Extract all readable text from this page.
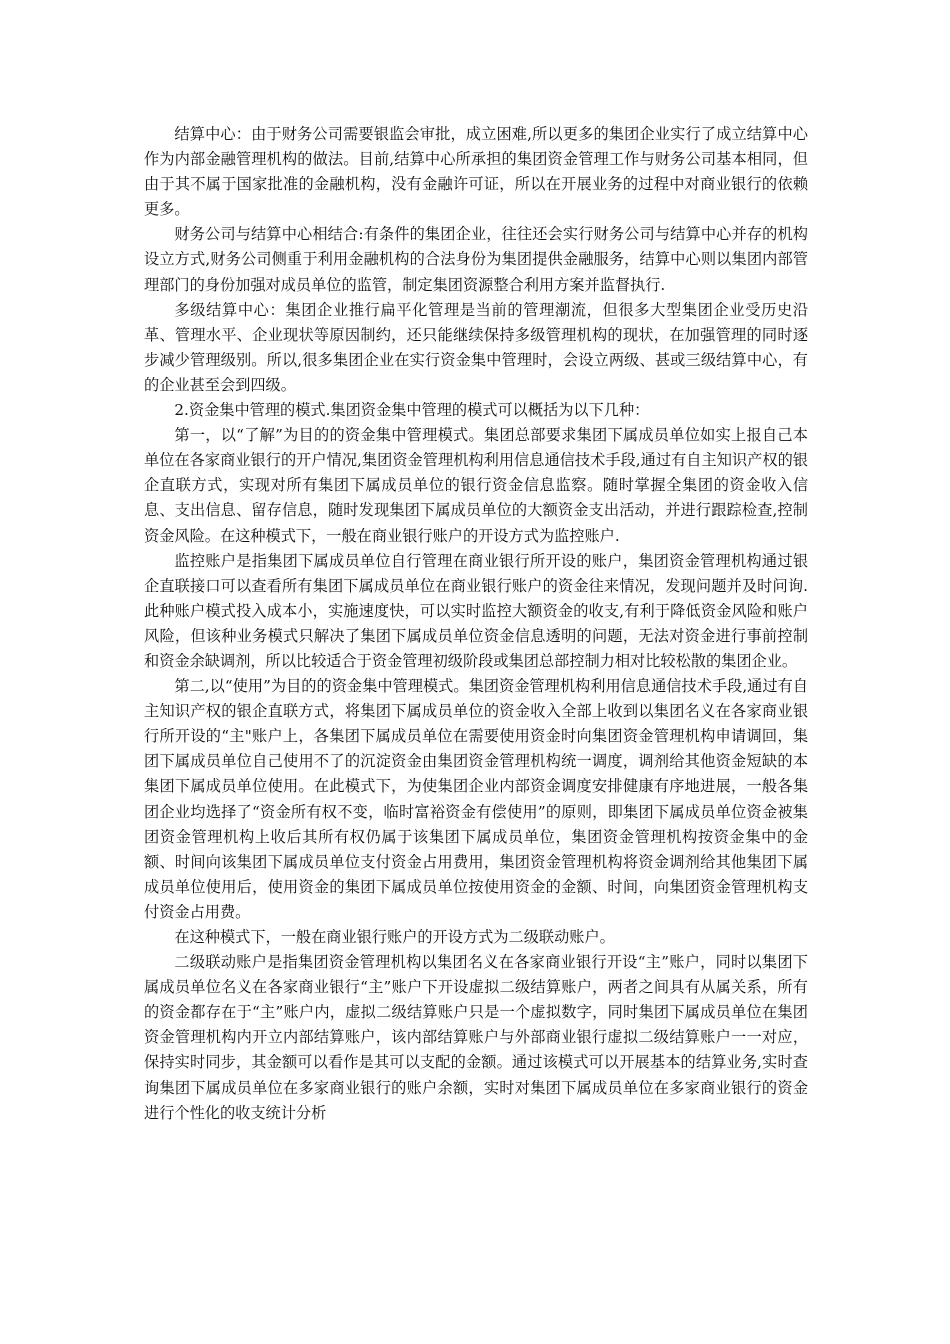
结算中心：由于财务公司需要银监会审批，成立困难,所以更多的集团企业实行了成立结算中心作为内部金融管理机构的做法。目前,结算中心所承担的集团资金管理工作与财务公司基本相同，但由于其不属于国家批准的金融机构，没有金融许可证，所以在开展业务的过程中对商业银行的依赖更多。

财务公司与结算中心相结合:有条件的集团企业，往往还会实行财务公司与结算中心并存的机构设立方式,财务公司侧重于利用金融机构的合法身份为集团提供金融服务，结算中心则以集团内部管理部门的身份加强对成员单位的监管，制定集团资源整合利用方案并监督执行.

多级结算中心：集团企业推行扁平化管理是当前的管理潮流，但很多大型集团企业受历史沿革、管理水平、企业现状等原因制约，还只能继续保持多级管理机构的现状，在加强管理的同时逐步减少管理级别。所以,很多集团企业在实行资金集中管理时，会设立两级、甚或三级结算中心，有的企业甚至会到四级。

2.资金集中管理的模式.集团资金集中管理的模式可以概括为以下几种：

第一，以“了解”为目的的资金集中管理模式。集团总部要求集团下属成员单位如实上报自己本单位在各家商业银行的开户情况,集团资金管理机构利用信息通信技术手段,通过有自主知识产权的银企直联方式，实现对所有集团下属成员单位的银行资金信息监察。随时掌握全集团的资金收入信息、支出信息、留存信息，随时发现集团下属成员单位的大额资金支出活动，并进行跟踪检查,控制资金风险。在这种模式下，一般在商业银行账户的开设方式为监控账户.

监控账户是指集团下属成员单位自行管理在商业银行所开设的账户，集团资金管理机构通过银企直联接口可以查看所有集团下属成员单位在商业银行账户的资金往来情况，发现问题并及时问询.此种账户模式投入成本小，实施速度快，可以实时监控大额资金的收支,有利于降低资金风险和账户风险，但该种业务模式只解决了集团下属成员单位资金信息透明的问题，无法对资金进行事前控制和资金余缺调剂，所以比较适合于资金管理初级阶段或集团总部控制力相对比较松散的集团企业。

第二,以“使用”为目的的资金集中管理模式。集团资金管理机构利用信息通信技术手段,通过有自主知识产权的银企直联方式，将集团下属成员单位的资金收入全部上收到以集团名义在各家商业银行所开设的“主"账户上，各集团下属成员单位在需要使用资金时向集团资金管理机构申请调回，集团下属成员单位自己使用不了的沉淀资金由集团资金管理机构统一调度，调剂给其他资金短缺的本集团下属成员单位使用。在此模式下，为使集团企业内部资金调度安排健康有序地进展，一般各集团企业均选择了“资金所有权不变，临时富裕资金有偿使用”的原则，即集团下属成员单位资金被集团资金管理机构上收后其所有权仍属于该集团下属成员单位，集团资金管理机构按资金集中的金额、时间向该集团下属成员单位支付资金占用费用，集团资金管理机构将资金调剂给其他集团下属成员单位使用后，使用资金的集团下属成员单位按使用资金的金额、时间，向集团资金管理机构支付资金占用费。

在这种模式下，一般在商业银行账户的开设方式为二级联动账户。

二级联动账户是指集团资金管理机构以集团名义在各家商业银行开设“主”账户，同时以集团下属成员单位名义在各家商业银行“主”账户下开设虚拟二级结算账户，两者之间具有从属关系，所有的资金都存在于“主”账户内，虚拟二级结算账户只是一个虚拟数字，同时集团下属成员单位在集团资金管理机构内开立内部结算账户，该内部结算账户与外部商业银行虚拟二级结算账户一一对应，保持实时同步，其金额可以看作是其可以支配的金额。通过该模式可以开展基本的结算业务,实时查询集团下属成员单位在多家商业银行的账户余额，实时对集团下属成员单位在多家商业银行的资金进行个性化的收支统计分析
